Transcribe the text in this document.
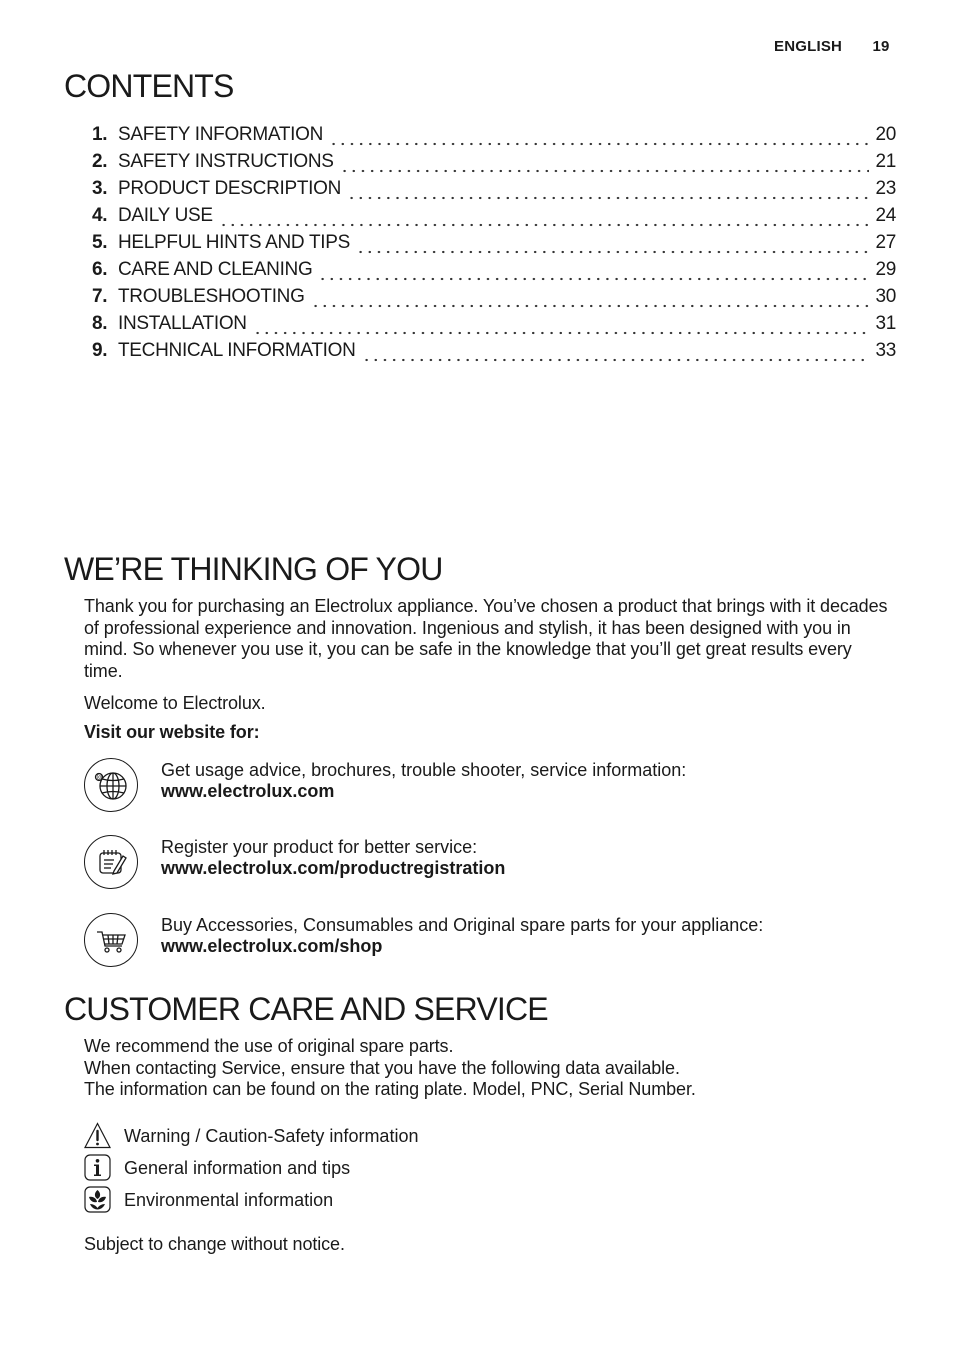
ENGLISH 19
CONTENTS
1. SAFETY INFORMATION	20
2. SAFETY INSTRUCTIONS	21
3. PRODUCT DESCRIPTION	23
4. DAILY USE	24
5. HELPFUL HINTS AND TIPS	27
6. CARE AND CLEANING	29
7. TROUBLESHOOTING	30
8. INSTALLATION	31
9. TECHNICAL INFORMATION	33
WE’RE THINKING OF YOU

Thank you for purchasing an Electrolux appliance. You’ve chosen a product that brings with it decades of professional experience and innovation. Ingenious and stylish, it has been designed with you in mind. So whenever you use it, you can be safe in the knowledge that you’ll get great results every time.

Welcome to Electrolux.

Visit our website for:

@	Get usage advice, brochures, trouble shooter, service information:
www.electrolux.com
Register your product for better service:
www.electrolux.com/productregistration
Buy Accessories, Consumables and Original spare parts for your appliance:
www.electrolux.com/shop
CUSTOMER CARE AND SERVICE
We recommend the use of original spare parts.
When contacting Service, ensure that you have the following data available.
The information can be found on the rating plate. Model, PNC, Serial Number.
Warning / Caution-Safety information
General information and tips
Environmental information

Subject to change without notice.
